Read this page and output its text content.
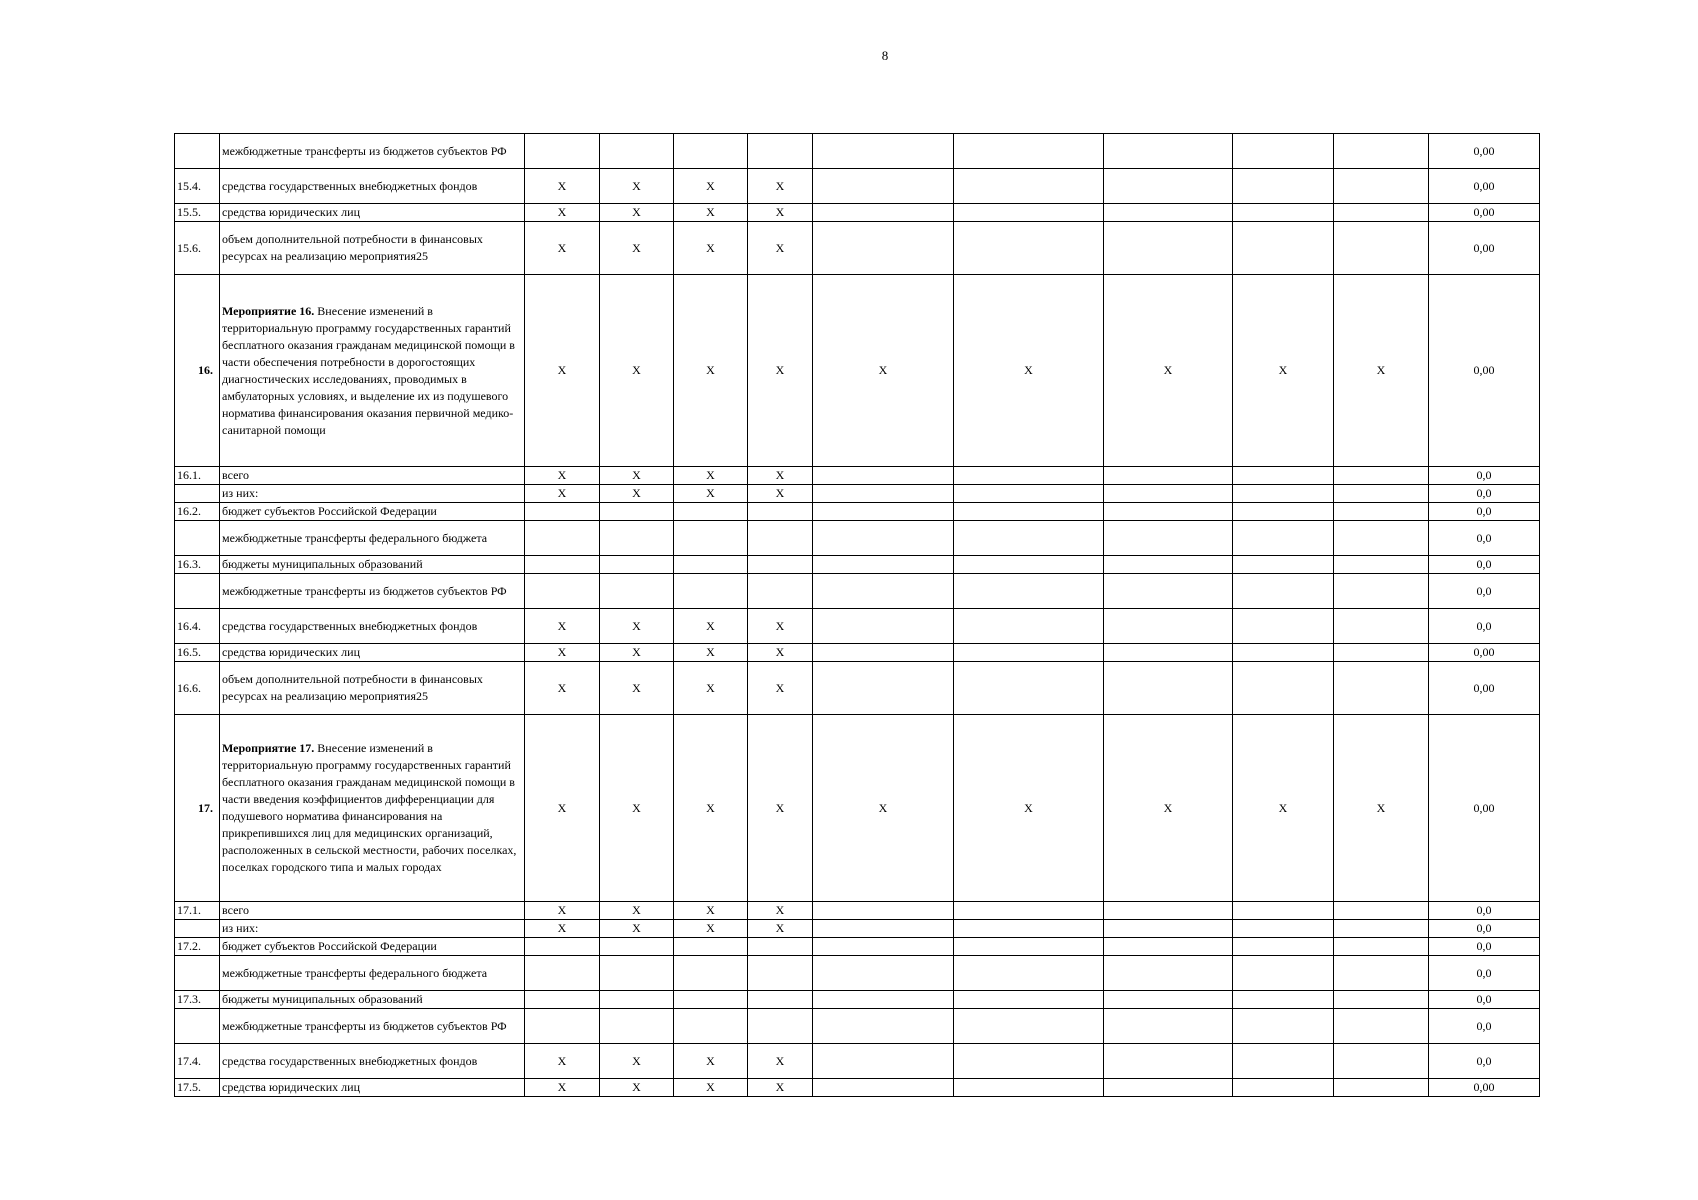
8
	межбюджетные трансферты из бюджетов субъектов РФ										0,00
15.4.	средства государственных внебюджетных фондов	X	X	X	X						0,00
15.5.	средства юридических лиц	X	X	X	X						0,00
15.6.	объем дополнительной потребности в финансовых ресурсах на реализацию мероприятия25	X	X	X	X						0,00
16.	Мероприятие 16. Внесение изменений в территориальную программу государственных гарантий бесплатного оказания гражданам медицинской помощи в части обеспечения потребности в дорогостоящих диагностических исследованиях, проводимых в амбулаторных условиях, и выделение их из подушевого норматива финансирования оказания первичной медико-санитарной помощи	X	X	X	X	X	X	X	X	X	0,00
16.1.	всего	X	X	X	X						0,0
	из них:	X	X	X	X						0,0
16.2.	бюджет субъектов Российской Федерации										0,0
	межбюджетные трансферты федерального бюджета										0,0
16.3.	бюджеты муниципальных образований										0,0
	межбюджетные трансферты из бюджетов субъектов РФ										0,0
16.4.	средства государственных внебюджетных фондов	X	X	X	X						0,0
16.5.	средства юридических лиц	X	X	X	X						0,00
16.6.	объем дополнительной потребности в финансовых ресурсах на реализацию мероприятия25	X	X	X	X						0,00
17.	Мероприятие 17. Внесение изменений в территориальную программу государственных гарантий бесплатного оказания гражданам медицинской помощи в части введения коэффициентов дифференциации для подушевого норматива финансирования на прикрепившихся лиц для медицинских организаций, расположенных в сельской местности, рабочих поселках, поселках городского типа и малых городах	X	X	X	X	X	X	X	X	X	0,00
17.1.	всего	X	X	X	X						0,0
	из них:	X	X	X	X						0,0
17.2.	бюджет субъектов Российской Федерации										0,0
	межбюджетные трансферты федерального бюджета										0,0
17.3.	бюджеты муниципальных образований										0,0
	межбюджетные трансферты из бюджетов субъектов РФ										0,0
17.4.	средства государственных внебюджетных фондов	X	X	X	X						0,0
17.5.	средства юридических лиц	X	X	X	X						0,00
